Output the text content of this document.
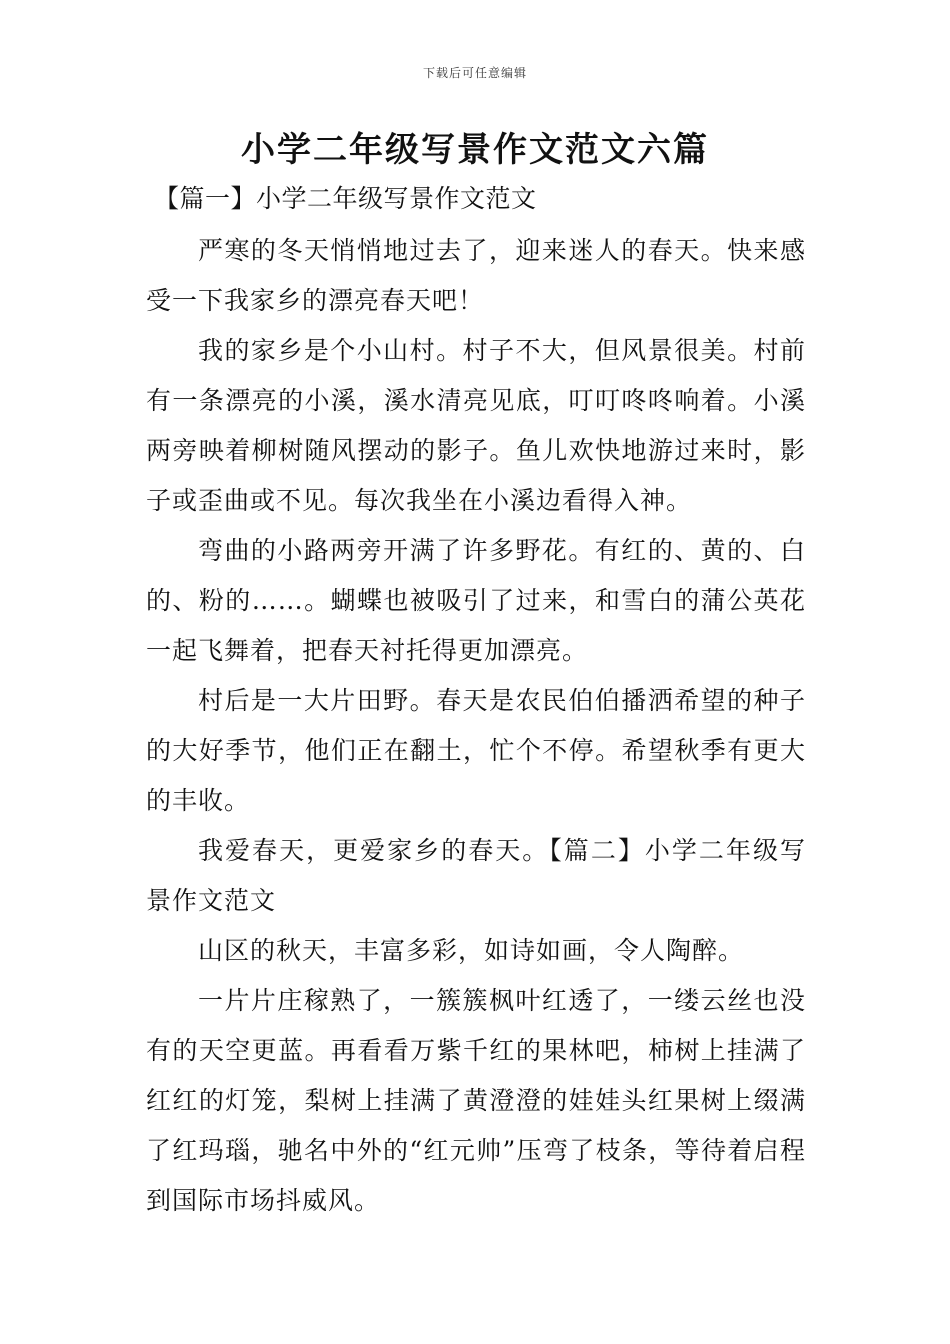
下载后可任意编辑
小学二年级写景作文范文六篇
【篇一】小学二年级写景作文范文

严寒的冬天悄悄地过去了，迎来迷人的春天。快来感受一下我家乡的漂亮春天吧！

我的家乡是个小山村。村子不大，但风景很美。村前有一条漂亮的小溪，溪水清亮见底，叮叮咚咚响着。小溪两旁映着柳树随风摆动的影子。鱼儿欢快地游过来时，影子或歪曲或不见。每次我坐在小溪边看得入神。

弯曲的小路两旁开满了许多野花。有红的、黄的、白的、粉的……。蝴蝶也被吸引了过来，和雪白的蒲公英花一起飞舞着，把春天衬托得更加漂亮。

村后是一大片田野。春天是农民伯伯播洒希望的种子的大好季节，他们正在翻土，忙个不停。希望秋季有更大的丰收。

我爱春天，更爱家乡的春天。【篇二】小学二年级写景作文范文

山区的秋天，丰富多彩，如诗如画，令人陶醉。

一片片庄稼熟了，一簇簇枫叶红透了，一缕云丝也没有的天空更蓝。再看看万紫千红的果林吧，柿树上挂满了红红的灯笼，梨树上挂满了黄澄澄的娃娃头红果树上缀满了红玛瑙，驰名中外的“红元帅”压弯了枝条，等待着启程到国际市场抖威风。
